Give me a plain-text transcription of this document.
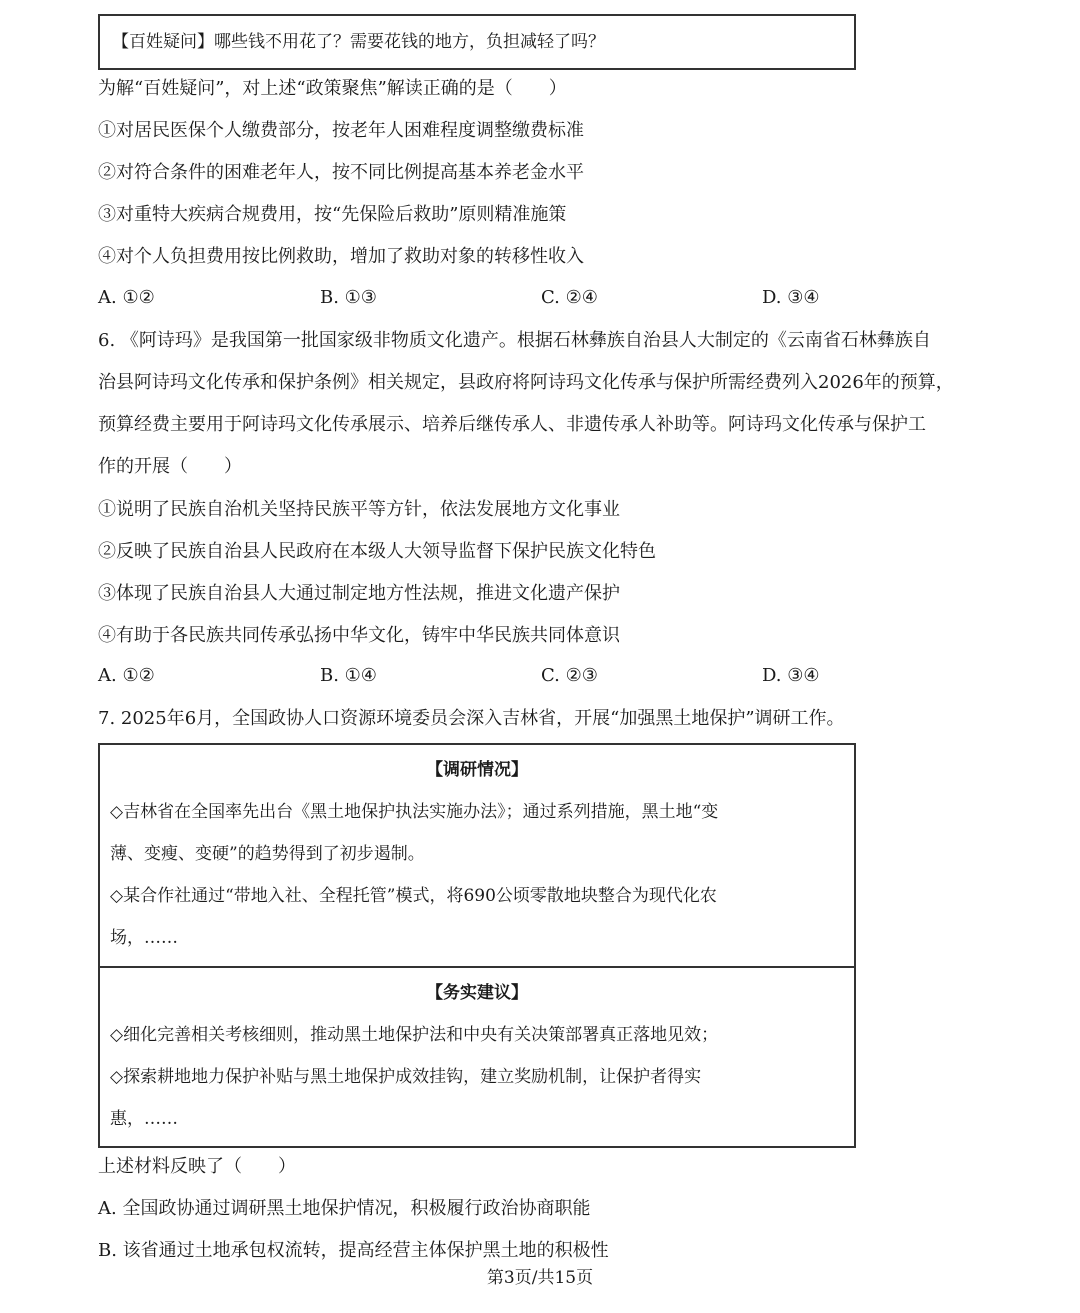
【百姓疑问】哪些钱不用花了？需要花钱的地方，负担减轻了吗？
为解“百姓疑问”，对上述“政策聚焦”解读正确的是（　　）
①对居民医保个人缴费部分，按老年人困难程度调整缴费标准
②对符合条件的困难老年人，按不同比例提高基本养老金水平
③对重特大疾病合规费用，按“先保险后救助”原则精准施策
④对个人负担费用按比例救助，增加了救助对象的转移性收入
A. ①②	B. ①③	C. ②④	D. ③④
6. 《阿诗玛》是我国第一批国家级非物质文化遗产。根据石林彝族自治县人大制定的《云南省石林彝族自
治县阿诗玛文化传承和保护条例》相关规定，县政府将阿诗玛文化传承与保护所需经费列入2026年的预算，
预算经费主要用于阿诗玛文化传承展示、培养后继传承人、非遗传承人补助等。阿诗玛文化传承与保护工
作的开展（　　）
①说明了民族自治机关坚持民族平等方针，依法发展地方文化事业
②反映了民族自治县人民政府在本级人大领导监督下保护民族文化特色
③体现了民族自治县人大通过制定地方性法规，推进文化遗产保护
④有助于各民族共同传承弘扬中华文化，铸牢中华民族共同体意识
A. ①②	B. ①④	C. ②③	D. ③④
7. 2025年6月，全国政协人口资源环境委员会深入吉林省，开展“加强黑土地保护”调研工作。
【调研情况】
◇吉林省在全国率先出台《黑土地保护执法实施办法》；通过系列措施，黑土地“变
薄、变瘦、变硬”的趋势得到了初步遏制。
◇某合作社通过“带地入社、全程托管”模式，将690公顷零散地块整合为现代化农
场，……
【务实建议】
◇细化完善相关考核细则，推动黑土地保护法和中央有关决策部署真正落地见效；
◇探索耕地地力保护补贴与黑土地保护成效挂钩，建立奖励机制，让保护者得实
惠，……
上述材料反映了（　　）
A. 全国政协通过调研黑土地保护情况，积极履行政治协商职能
B. 该省通过土地承包权流转，提高经营主体保护黑土地的积极性
第3页/共15页
